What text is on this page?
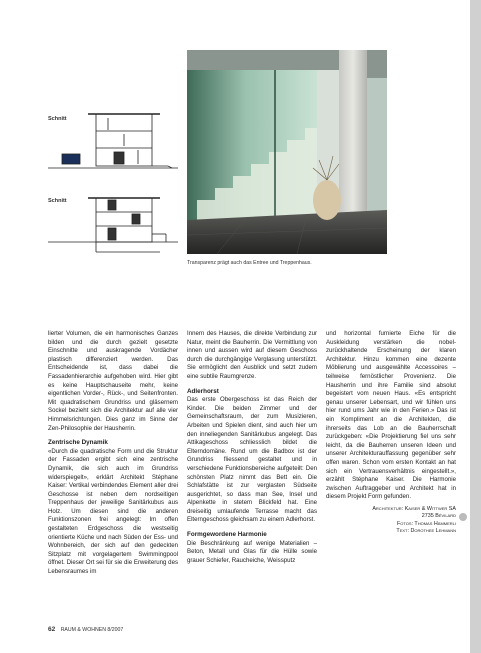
Schnitt
Schnitt
Transparenz prägt auch das Entree und Treppenhaus.

lierter Volumen, die ein harmonisches Ganzes bilden und die durch gezielt gesetzte Einschnitte und auskragende Vordächer plastisch differenziert werden. Das Entscheidende ist, dass dabei die Fassadenhierarchie aufgehoben wird. Hier gibt es keine Hauptschauseite mehr, keine eigentlichen Vorder-, Rück-, und Seitenfronten. Mit quadratischem Grundriss und gläsernem Sockel bezieht sich die Architektur auf alle vier Himmelsrichtungen. Dies ganz im Sinne der Zen-Philosophie der Hausherrin.

Zentrische Dynamik

«Durch die quadratische Form und die Struktur der Fassaden ergibt sich eine zentrische Dynamik, die sich auch im Grundriss widerspiegelt», erklärt Architekt Stéphane Kaiser: Vertikal verbindendes Element aller drei Geschosse ist neben dem nordseitigen Treppenhaus der jeweilige Sanitärkubus aus Holz. Um diesen sind die anderen Funktionszonen frei angelegt: Im offen gestalteten Erdgeschoss die westseitig orientierte Küche und nach Süden der Ess- und Wohnbereich, der sich auf den gedeckten Sitzplatz mit vorgelagertem Swimmingpool öffnet. Dieser Ort sei für sie die Erweiterung des Lebensraumes im

Innern des Hauses, die direkte Verbindung zur Natur, meint die Bauherrin. Die Vermittlung von innen und aussen wird auf diesem Geschoss durch die durchgängige Verglasung unterstützt. Sie ermöglicht den Ausblick und setzt zudem eine subtile Raumgrenze.

Adlerhorst

Das erste Obergeschoss ist das Reich der Kinder. Die beiden Zimmer und der Gemeinschaftsraum, der zum Musizieren, Arbeiten und Spielen dient, sind auch hier um den inneliegenden Sanitärkubus angelegt. Das Attikageschoss schliesslich bildet die Elterndomäne. Rund um die Badbox ist der Grundriss fliessend gestaltet und in verschiedene Funktionsbereiche aufgeteilt: Den schönsten Platz nimmt das Bett ein. Die Schlafstätte ist zur verglasten Südseite ausgerichtet, so dass man See, Insel und Alpenkette in stetem Blickfeld hat. Eine dreiseitig umlaufende Terrasse macht das Elterngeschoss gleichsam zu einem Adlerhorst.

Formgewordene Harmonie

Die Beschränkung auf wenige Materialien – Beton, Metall und Glas für die Hülle sowie grauer Schiefer, Raucheiche, Weissputz

und horizontal furnierte Eiche für die Auskleidung verstärken die nobel-zurückhaltende Erscheinung der klaren Architektur. Hinzu kommen eine dezente Möblierung und ausgewählte Accessoires – teilweise fernöstlicher Provenienz. Die Hausherrin und ihre Familie sind absolut begeistert vom neuen Haus. «Es entspricht genau unserer Lebensart, und wir fühlen uns hier rund ums Jahr wie in den Ferien.» Das ist ein Kompliment an die Architekten, die ihrerseits das Lob an die Bauherrschaft zurückgeben: «Die Projektierung fiel uns sehr leicht, da die Bauherren unseren Ideen und unserer Architekturauffassung gegenüber sehr offen waren. Schon vom ersten Kontakt an hat sich ein Vertrauensverhältnis eingestellt.», erzählt Stéphane Kaiser. Die Harmonie zwischen Auftraggeber und Architekt hat in diesem Projekt Form gefunden.

Architektur: Kaiser & Wittwer SA
2735 Bévilard
Fotos: Thomas Hämmerli
Text: Dorothee Lehmann
62 RAUM & WOHNEN 8/2007
